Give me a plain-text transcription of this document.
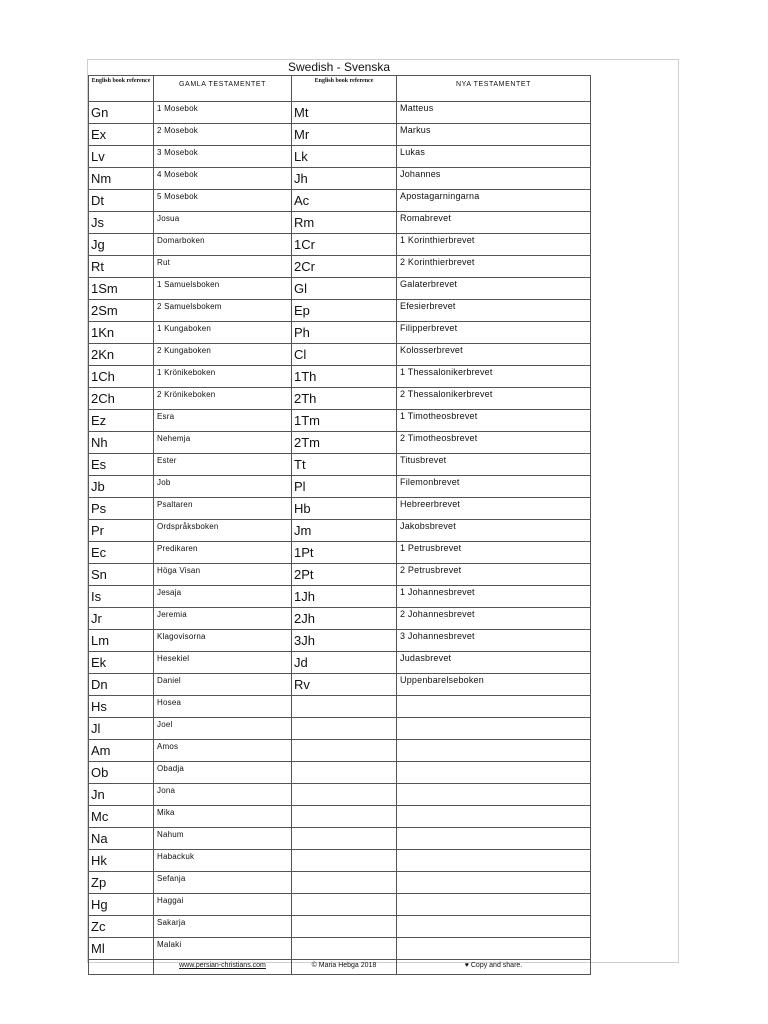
Swedish - Svenska
English book reference	GAMLA TESTAMENTET	English book reference	NYA TESTAMENTET
Gn	1 Mosebok	Mt	Matteus
Ex	2 Mosebok	Mr	Markus
Lv	3 Mosebok	Lk	Lukas
Nm	4 Mosebok	Jh	Johannes
Dt	5 Mosebok	Ac	Apostagarningarna
Js	Josua	Rm	Romabrevet
Jg	Domarboken	1Cr	1 Korinthierbrevet
Rt	Rut	2Cr	2 Korinthierbrevet
1Sm	1 Samuelsboken	Gl	Galaterbrevet
2Sm	2 Samuelsbokem	Ep	Efesierbrevet
1Kn	1 Kungaboken	Ph	Filipperbrevet
2Kn	2 Kungaboken	Cl	Kolosserbrevet
1Ch	1 Krönikeboken	1Th	1 Thessalonikerbrevet
2Ch	2 Krönikeboken	2Th	2 Thessalonikerbrevet
Ez	Esra	1Tm	1 Timotheosbrevet
Nh	Nehemja	2Tm	2 Timotheosbrevet
Es	Ester	Tt	Titusbrevet
Jb	Job	Pl	Filemonbrevet
Ps	Psaltaren	Hb	Hebreerbrevet
Pr	Ordspråksboken	Jm	Jakobsbrevet
Ec	Predikaren	1Pt	1 Petrusbrevet
Sn	Höga Visan	2Pt	2 Petrusbrevet
Is	Jesaja	1Jh	1 Johannesbrevet
Jr	Jeremia	2Jh	2 Johannesbrevet
Lm	Klagovisorna	3Jh	3 Johannesbrevet
Ek	Hesekiel	Jd	Judasbrevet
Dn	Daniel	Rv	Uppenbarelseboken
Hs	Hosea		
Jl	Joel		
Am	Amos		
Ob	Obadja		
Jn	Jona		
Mc	Mika		
Na	Nahum		
Hk	Habackuk		
Zp	Sefanja		
Hg	Haggai		
Zc	Sakarja		
Ml	Malaki		
	www.persian-christians.com	© Maria Hebga 2018	♥ Copy and share.
